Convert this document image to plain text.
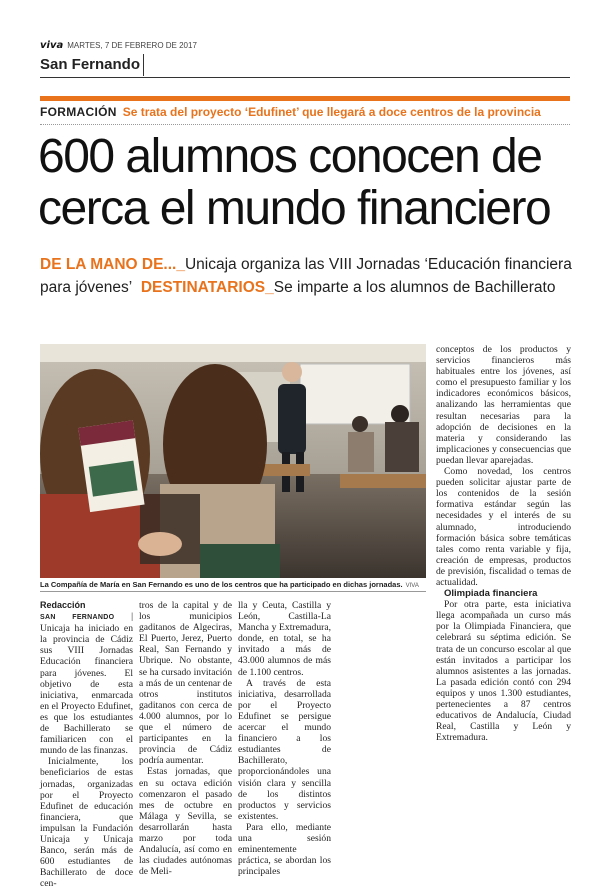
viva MARTES, 7 DE FEBRERO DE 2017
San Fernando
FORMACIÓN Se trata del proyecto ‘Edufinet’ que llegará a doce centros de la provincia
600 alumnos conocen de
cerca el mundo financiero
DE LA MANO DE..._Unicaja organiza las VIII Jornadas ‘Educación financiera para jóvenes’ DESTINATARIOS_Se imparte a los alumnos de Bachillerato
La Compañía de María en San Fernando es uno de los centros que ha participado en dichas jornadas. VIVA

Redacción

SAN FERNANDO | Unicaja ha iniciado en la provincia de Cádiz sus VIII Jornadas Educación financiera para jóvenes. El objetivo de esta iniciativa, enmarcada en el Proyecto Edufinet, es que los estudiantes de Bachillerato se familiaricen con el mundo de las finanzas.

Inicialmente, los beneficiarios de estas jornadas, organizadas por el Proyecto Edufinet de educación financiera, que impulsan la Fundación Unicaja y Unicaja Banco, serán más de 600 estudiantes de Bachillerato de doce cen-

tros de la capital y de los municipios gaditanos de Algeciras, El Puerto, Jerez, Puerto Real, San Fernando y Ubrique. No obstante, se ha cursado invitación a más de un centenar de otros institutos gaditanos con cerca de 4.000 alumnos, por lo que el número de participantes en la provincia de Cádiz podría aumentar.

Estas jornadas, que en su octava edición comenzaron el pasado mes de octubre en Málaga y Sevilla, se desarrollarán hasta marzo por toda Andalucía, así como en las ciudades autónomas de Meli-

lla y Ceuta, Castilla y León, Castilla-La Mancha y Extremadura, donde, en total, se ha invitado a más de 43.000 alumnos de más de 1.100 centros.

A través de esta iniciativa, desarrollada por el Proyecto Edufinet se persigue acercar el mundo financiero a los estudiantes de Bachillerato, proporcionándoles una visión clara y sencilla de los distintos productos y servicios existentes.

Para ello, mediante una sesión eminentemente práctica, se abordan los principales

conceptos de los productos y servicios financieros más habituales entre los jóvenes, así como el presupuesto familiar y los indicadores económicos básicos, analizando las herramientas que resultan necesarias para la adopción de decisiones en la materia y considerando las implicaciones y consecuencias que puedan llevar aparejadas.

Como novedad, los centros pueden solicitar ajustar parte de los contenidos de la sesión formativa estándar según las necesidades y el interés de su alumnado, introduciendo formación básica sobre temáticas tales como renta variable y fija, creación de empresas, productos de previsión, fiscalidad o temas de actualidad.

Olimpiada financiera

Por otra parte, esta iniciativa llega acompañada un curso más por la Olimpiada Financiera, que celebrará su séptima edición. Se trata de un concurso escolar al que están invitados a participar los alumnos asistentes a las jornadas. La pasada edición contó con 294 equipos y unos 1.300 estudiantes, pertenecientes a 87 centros educativos de Andalucía, Ciudad Real, Castilla y León y Extremadura.
